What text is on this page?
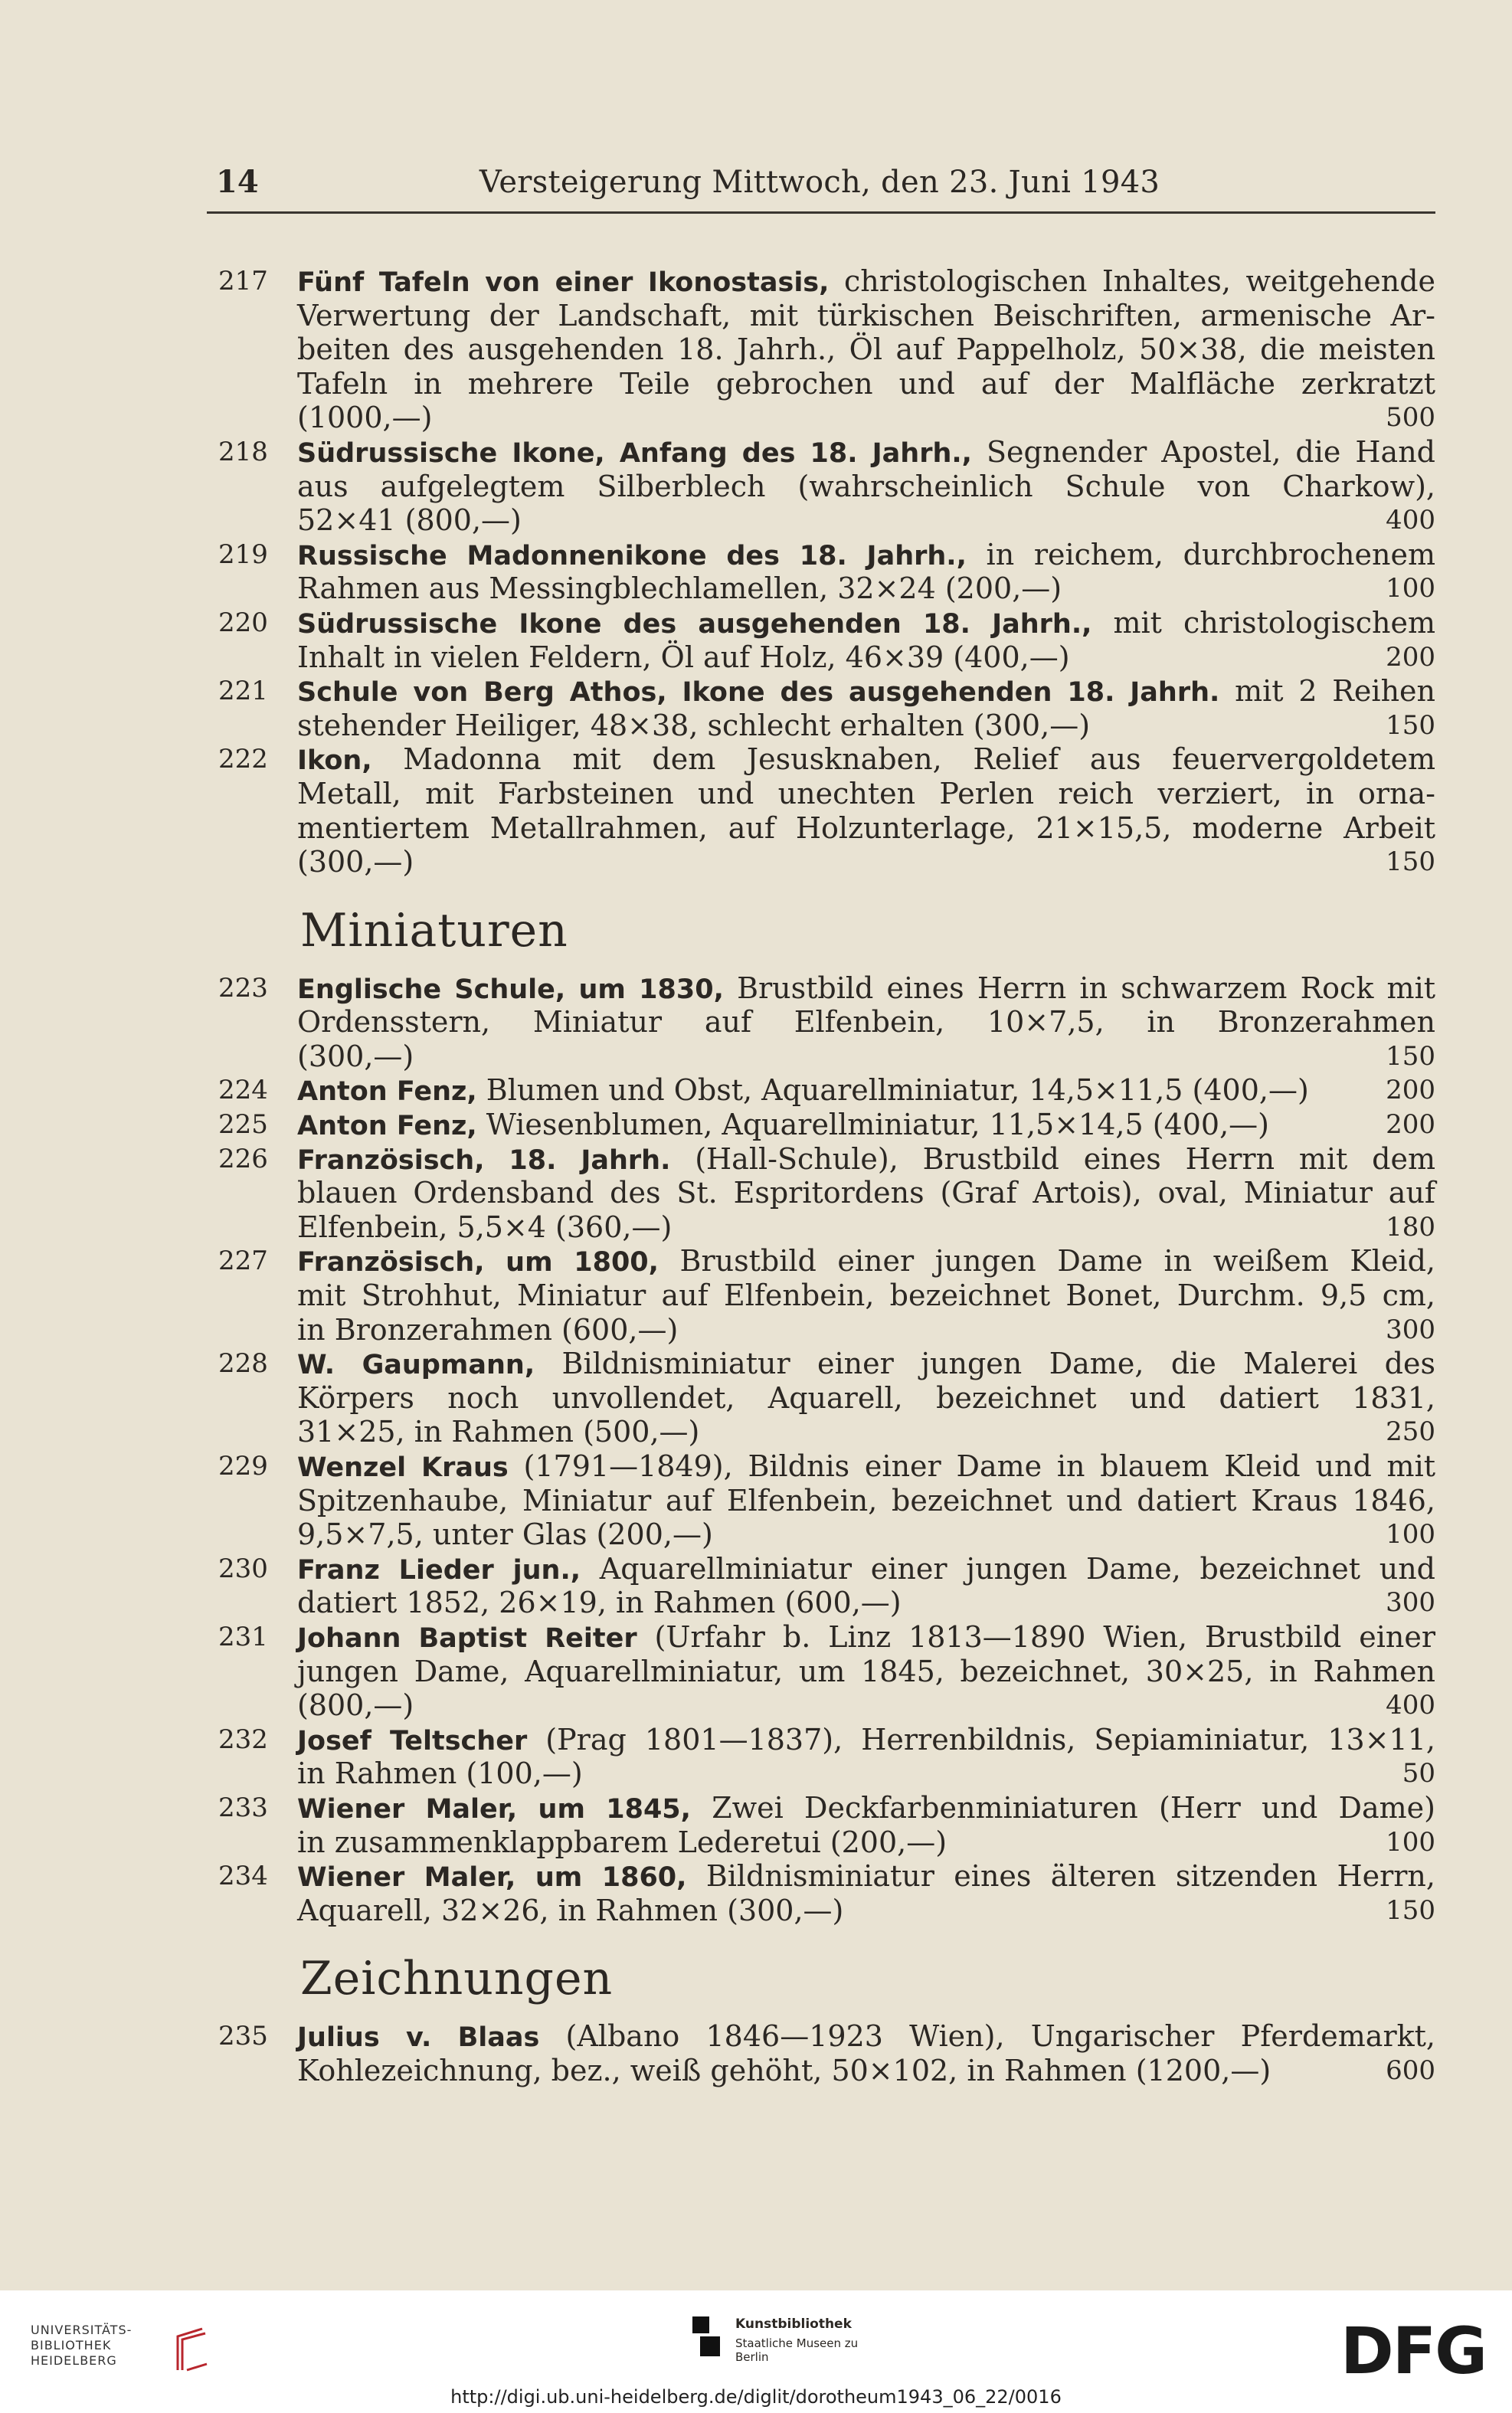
14	Versteigerung Mittwoch, den 23. Juni 1943
217 Fünf Tafeln von einer Ikonostasis, christologischen Inhaltes, weitgehende
Verwertung der Landschaft, mit türkischen Beischriften, armenische Ar-
beiten des ausgehenden 18. Jahrh., Öl auf Pappelholz, 50×38, die meisten
Tafeln in mehrere Teile gebrochen und auf der Malfläche zerkratzt
(1000,—)	500
218 Südrussische Ikone, Anfang des 18. Jahrh., Segnender Apostel, die Hand
aus aufgelegtem Silberblech (wahrscheinlich Schule von Charkow),
52×41 (800,—)	400
219 Russische Madonnenikone des 18. Jahrh., in reichem, durchbrochenem
Rahmen aus Messingblechlamellen, 32×24 (200,—)	100
220 Südrussische Ikone des ausgehenden 18. Jahrh., mit christologischem
Inhalt in vielen Feldern, Öl auf Holz, 46×39 (400,—)	200
221 Schule von Berg Athos, Ikone des ausgehenden 18. Jahrh. mit 2 Reihen
stehender Heiliger, 48×38, schlecht erhalten (300,—)	150
222 Ikon, Madonna mit dem Jesusknaben, Relief aus feuervergoldetem
Metall, mit Farbsteinen und unechten Perlen reich verziert, in orna-
mentiertem Metallrahmen, auf Holzunterlage, 21×15,5, moderne Arbeit
(300,—)	150
Miniaturen
223 Englische Schule, um 1830, Brustbild eines Herrn in schwarzem Rock mit
Ordensstern, Miniatur auf Elfenbein, 10×7,5, in Bronzerahmen
(300,—)	150
224 Anton Fenz, Blumen und Obst, Aquarellminiatur, 14,5×11,5 (400,—)	200
225 Anton Fenz, Wiesenblumen, Aquarellminiatur, 11,5×14,5 (400,—)	200
226 Französisch, 18. Jahrh. (Hall-Schule), Brustbild eines Herrn mit dem
blauen Ordensband des St. Espritordens (Graf Artois), oval, Miniatur auf
Elfenbein, 5,5×4 (360,—)	180
227 Französisch, um 1800, Brustbild einer jungen Dame in weißem Kleid,
mit Strohhut, Miniatur auf Elfenbein, bezeichnet Bonet, Durchm. 9,5 cm,
in Bronzerahmen (600,—)	300
228 W. Gaupmann, Bildnisminiatur einer jungen Dame, die Malerei des
Körpers noch unvollendet, Aquarell, bezeichnet und datiert 1831,
31×25, in Rahmen (500,—)	250
229 Wenzel Kraus (1791—1849), Bildnis einer Dame in blauem Kleid und mit
Spitzenhaube, Miniatur auf Elfenbein, bezeichnet und datiert Kraus 1846,
9,5×7,5, unter Glas (200,—)	100
230 Franz Lieder jun., Aquarellminiatur einer jungen Dame, bezeichnet und
datiert 1852, 26×19, in Rahmen (600,—)	300
231 Johann Baptist Reiter (Urfahr b. Linz 1813—1890 Wien, Brustbild einer
jungen Dame, Aquarellminiatur, um 1845, bezeichnet, 30×25, in Rahmen
(800,—)	400
232 Josef Teltscher (Prag 1801—1837), Herrenbildnis, Sepiaminiatur, 13×11,
in Rahmen (100,—)	50
233 Wiener Maler, um 1845, Zwei Deckfarbenminiaturen (Herr und Dame)
in zusammenklappbarem Lederetui (200,—)	100
234 Wiener Maler, um 1860, Bildnisminiatur eines älteren sitzenden Herrn,
Aquarell, 32×26, in Rahmen (300,—)	150
Zeichnungen
235 Julius v. Blaas (Albano 1846—1923 Wien), Ungarischer Pferdemarkt,
Kohlezeichnung, bez., weiß gehöht, 50×102, in Rahmen (1200,—)	600
UNIVERSITÄTS-
BIBLIOTHEK
HEIDELBERG
Kunstbibliothek
Staatliche Museen zu Berlin	DFG
http://digi.ub.uni-heidelberg.de/diglit/dorotheum1943_06_22/0016
